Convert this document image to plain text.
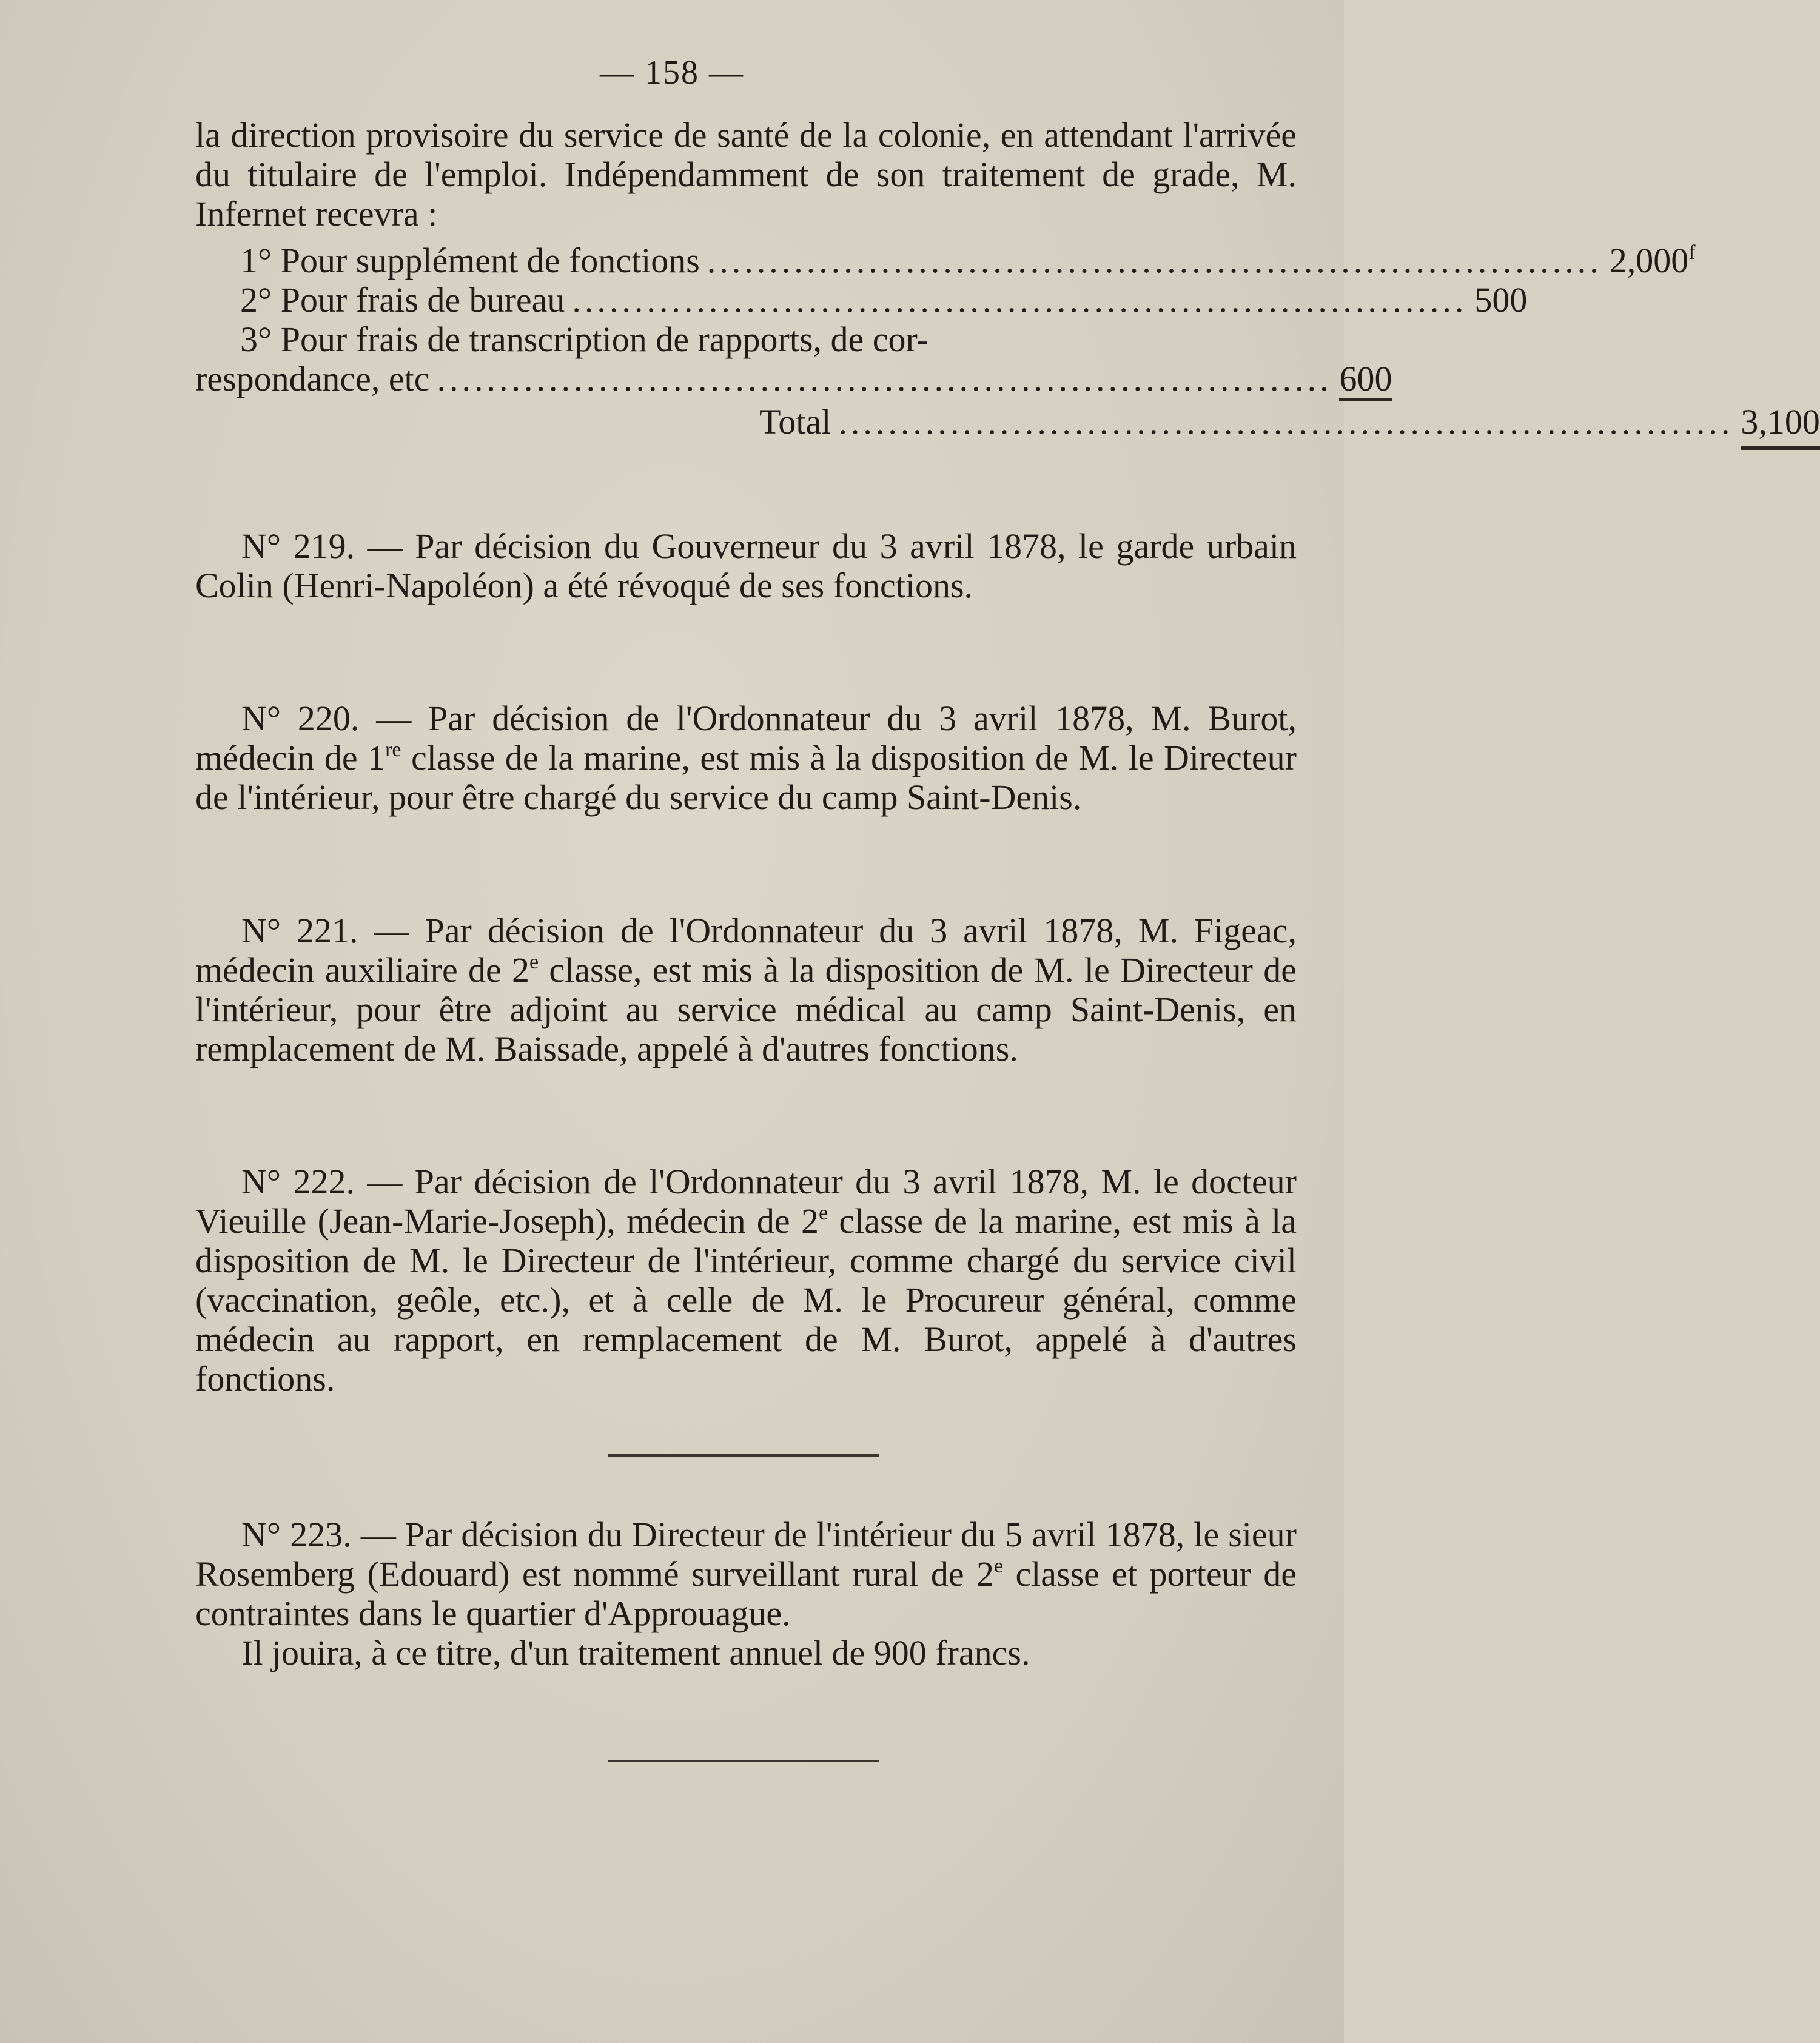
— 158 —

la direction provisoire du service de santé de la colonie, en attendant l'arrivée du titulaire de l'emploi. Indépendamment de son traitement de grade, M. Infernet recevra :

1° Pour supplément de fonctions ........................................................................ 2,000$^f$
2° Pour frais de bureau ........................................................................ 500
3° Pour frais de transcription de rapports, de cor-
respondance, etc ........................................................................ 600
Total ........................................................................ 3,100

N° 219. — Par décision du Gouverneur du 3 avril 1878, le garde urbain Colin (Henri-Napoléon) a été révoqué de ses fonctions.

N° 220. — Par décision de l'Ordonnateur du 3 avril 1878, M. Burot, médecin de 1re classe de la marine, est mis à la disposition de M. le Directeur de l'intérieur, pour être chargé du service du camp Saint-Denis.

N° 221. — Par décision de l'Ordonnateur du 3 avril 1878, M. Figeac, médecin auxiliaire de 2e classe, est mis à la disposition de M. le Directeur de l'intérieur, pour être adjoint au service médical au camp Saint-Denis, en remplacement de M. Baissade, appelé à d'autres fonctions.

N° 222. — Par décision de l'Ordonnateur du 3 avril 1878, M. le docteur Vieuille (Jean-Marie-Joseph), médecin de 2e classe de la marine, est mis à la disposition de M. le Directeur de l'intérieur, comme chargé du service civil (vaccination, geôle, etc.), et à celle de M. le Procureur général, comme médecin au rapport, en remplacement de M. Burot, appelé à d'autres fonctions.

N° 223. — Par décision du Directeur de l'intérieur du 5 avril 1878, le sieur Rosemberg (Edouard) est nommé surveillant rural de 2e classe et porteur de contraintes dans le quartier d'Approuague.

Il jouira, à ce titre, d'un traitement annuel de 900 francs.
